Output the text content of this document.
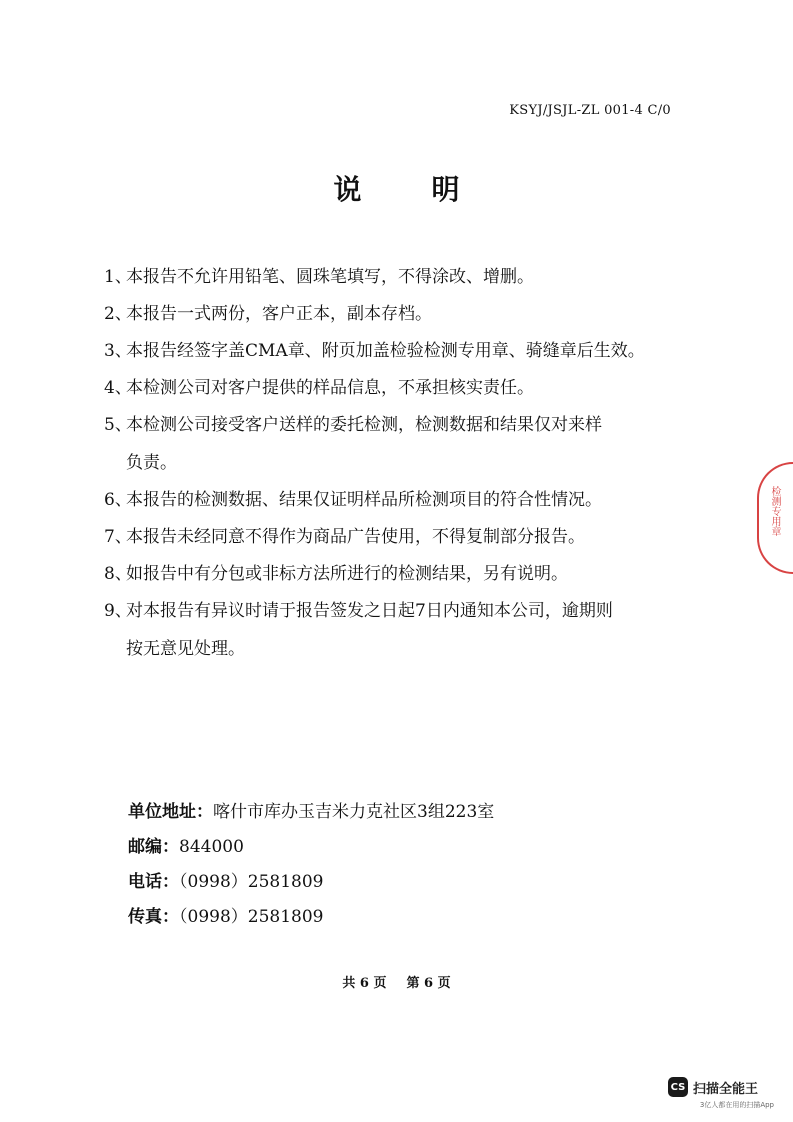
KSYJ/JSJL-ZL 001-4 C/0
说	明
1、本报告不允许用铅笔、圆珠笔填写，不得涂改、增删。
2、本报告一式两份，客户正本，副本存档。
3、本报告经签字盖CMA章、附页加盖检验检测专用章、骑缝章后生效。
4、本检测公司对客户提供的样品信息，不承担核实责任。
5、本检测公司接受客户送样的委托检测，检测数据和结果仅对来样
负责。
6、本报告的检测数据、结果仅证明样品所检测项目的符合性情况。
7、本报告未经同意不得作为商品广告使用，不得复制部分报告。
8、如报告中有分包或非标方法所进行的检测结果，另有说明。
9、对本报告有异议时请于报告签发之日起7日内通知本公司，逾期则
按无意见处理。
单位地址：喀什市库办玉吉米力克社区3组223室
邮编：844000
电话：（0998）2581809
传真：（0998）2581809
共 6 页 第 6 页
检测专用章
CS 扫描全能王
3亿人都在用的扫描App
